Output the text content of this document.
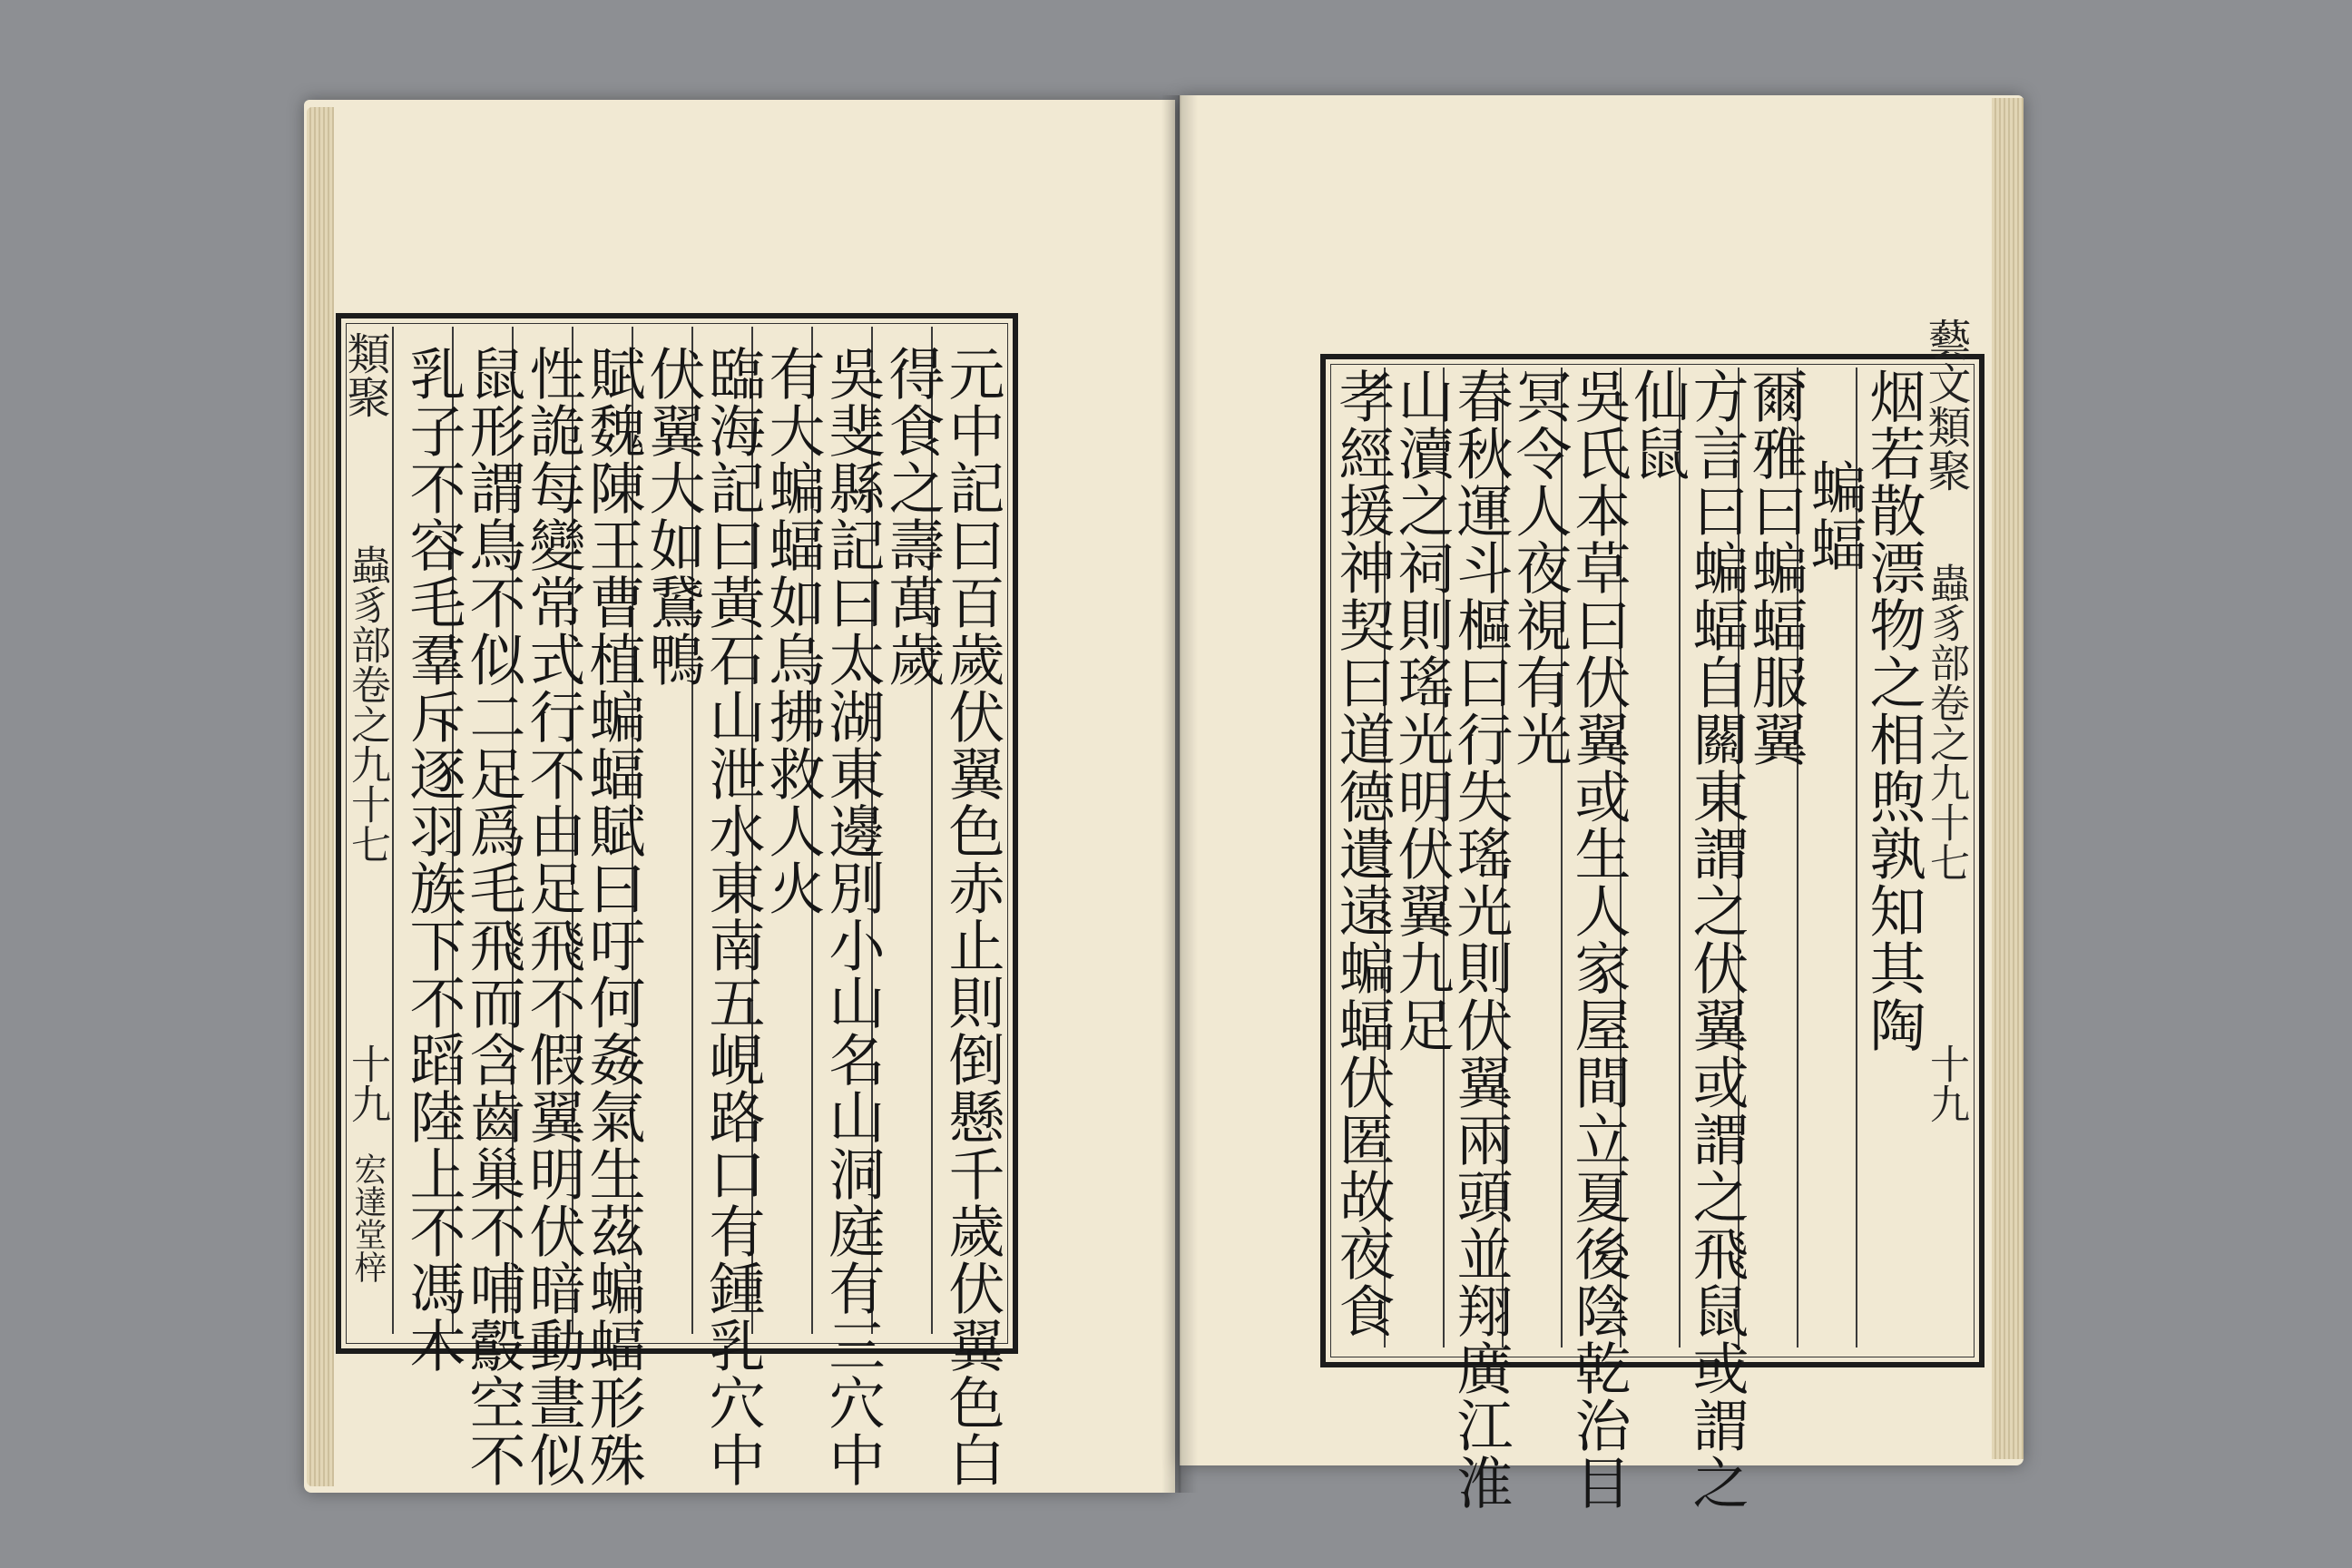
類聚
蟲豸部卷之九十七
十九
宏達堂梓	元中記曰百歲伏翼色赤止則倒懸千歲伏翼色白
得食之壽萬歲
吳斐縣記曰太湖東邊別小山名山洞庭有三穴中
有大蝙蝠如烏拂救人火
臨海記曰黃石山泄水東南五峴路口有鍾乳穴中
伏翼大如鵞鴨
賦魏陳王曹植蝙蝠賦曰吁何姦氣生茲蝙蝠形殊
性詭每變常式行不由足飛不假翼明伏暗動晝似
鼠形謂鳥不似二足爲毛飛而含齒巢不哺鷇空不
乳子不容毛羣斥逐羽族下不蹈陸上不馮木	藝文類聚
蟲豸部卷之九十七
十九
烟若散漂物之相煦孰知其陶
蝙蝠
爾雅曰蝙蝠服翼
方言曰蝙蝠自關東謂之伏翼或謂之飛鼠或謂之
仙鼠
吳氏本草曰伏翼或生人家屋間立夏後陰乾治目
冥令人夜視有光
春秋運斗樞曰行失瑤光則伏翼兩頭並翔廣江淮
山瀆之祠則瑤光明伏翼九足
孝經援神契曰道德遺遠蝙蝠伏匿故夜食
